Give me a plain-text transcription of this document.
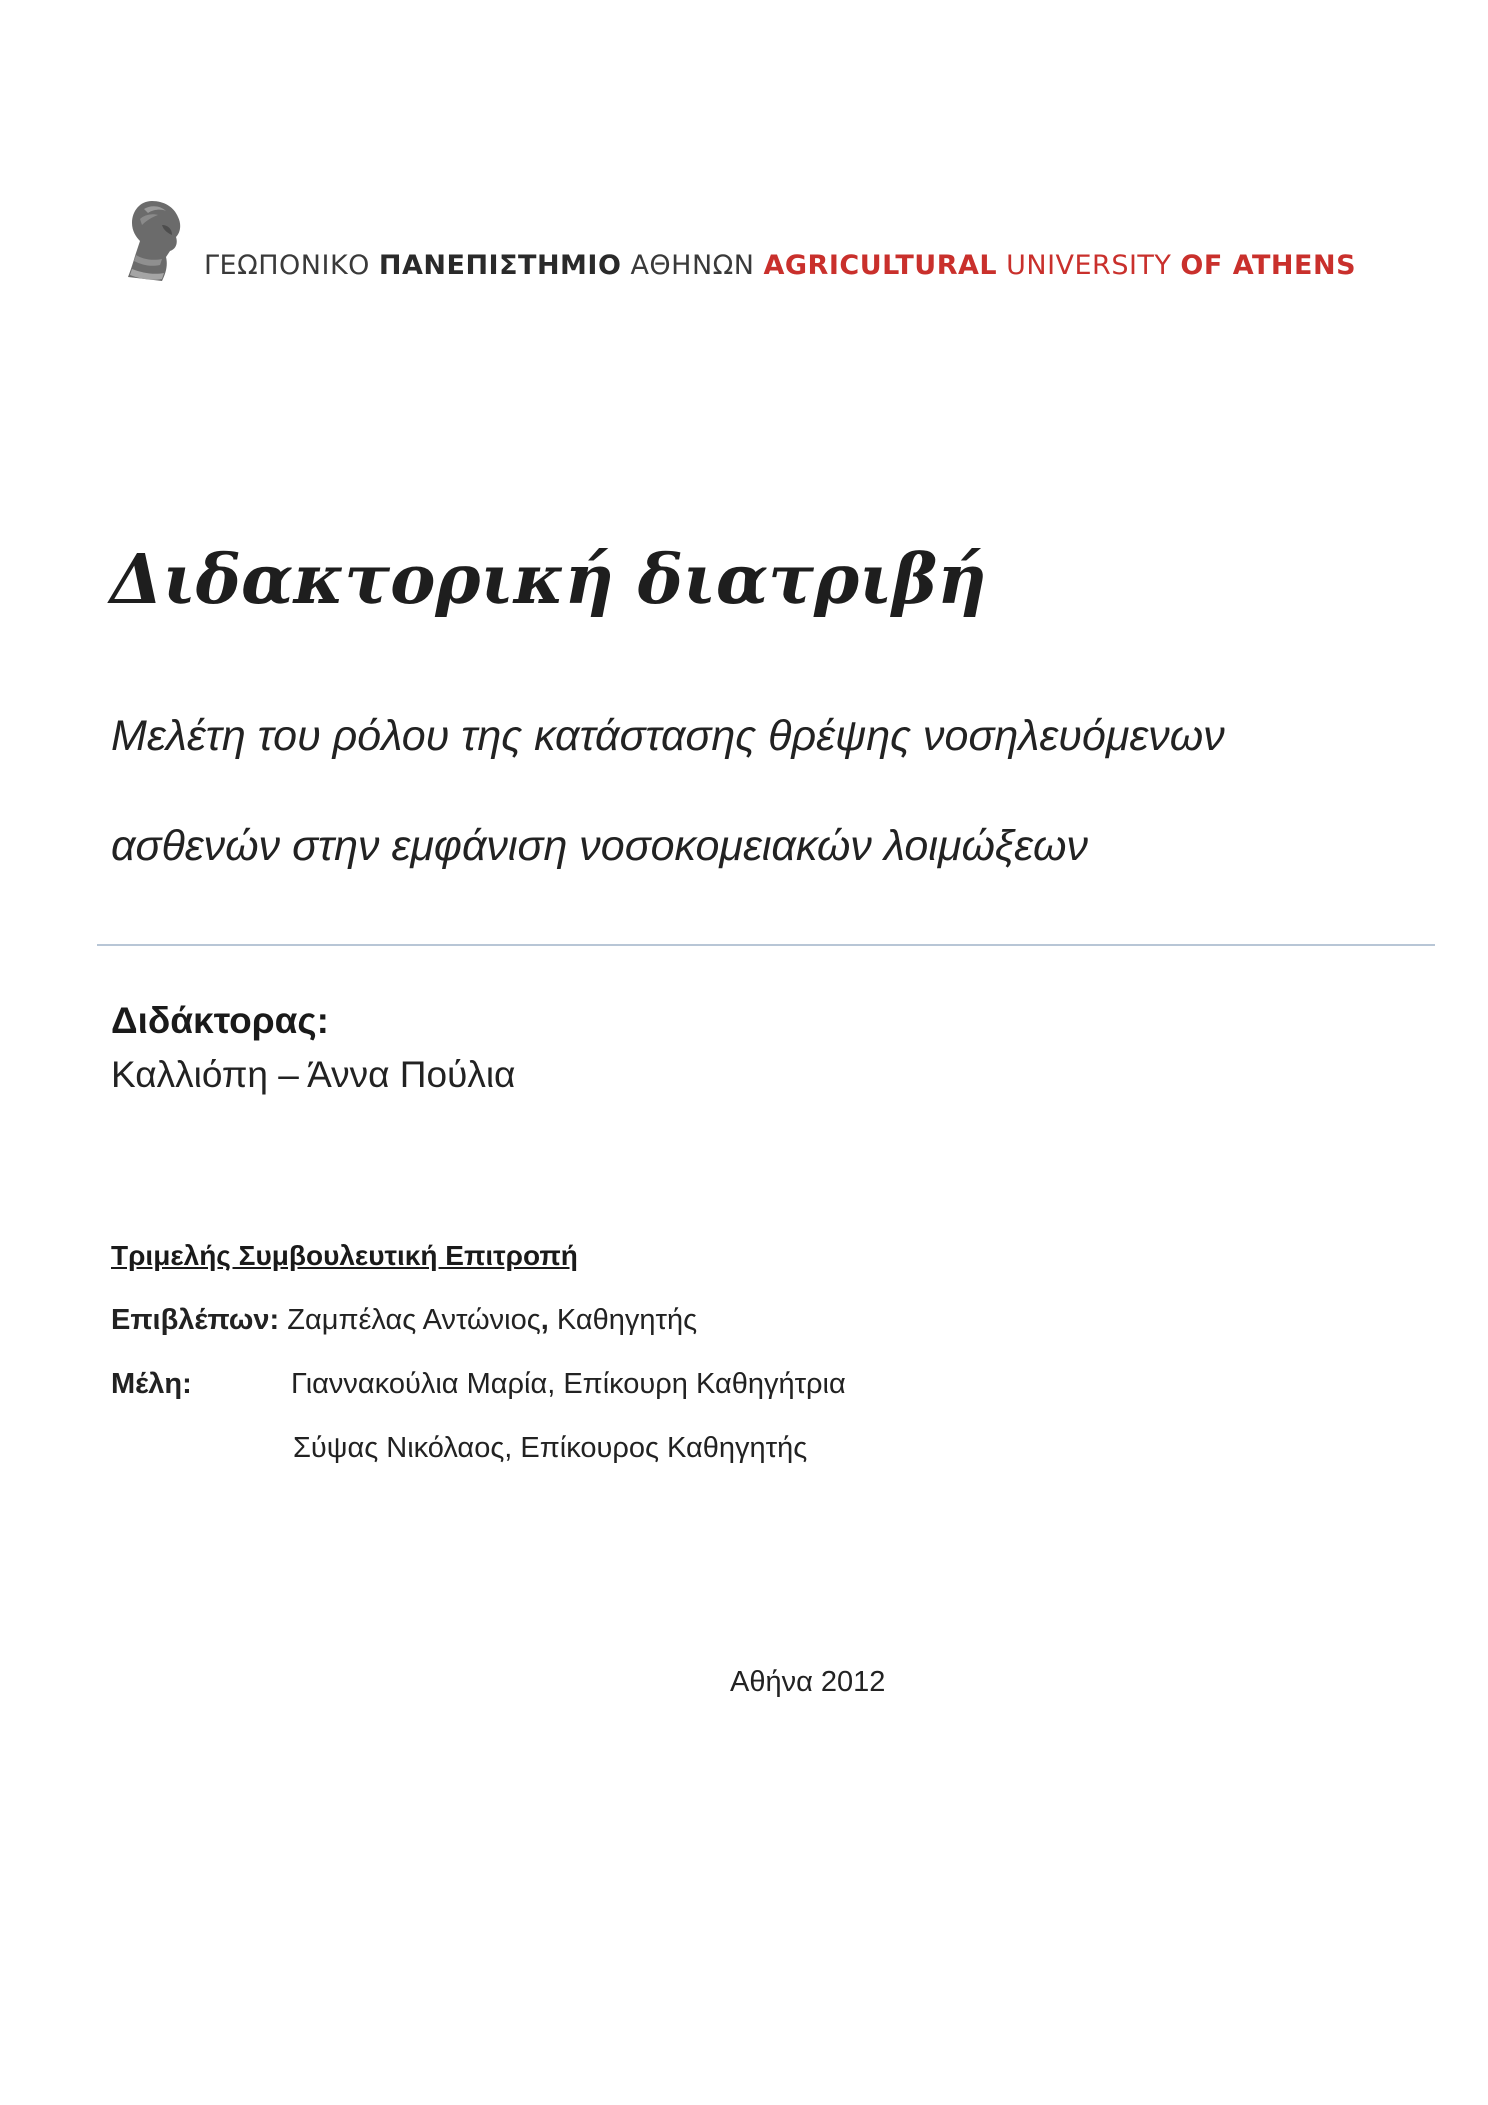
ΓΕΩΠΟΝΙΚΟ ΠΑΝΕΠΙΣΤΗΜΙΟ ΑΘΗΝΩΝ AGRICULTURAL UNIVERSITY OF ATHENS
Διδακτορική διατριβή
Μελέτη του ρόλου της κατάστασης θρέψης νοσηλευόμενων
ασθενών στην εμφάνιση νοσοκομειακών λοιμώξεων
Διδάκτορας:
Καλλιόπη – Άννα Πούλια
Τριμελής Συμβουλευτική Επιτροπή
Επιβλέπων: Ζαμπέλας Αντώνιος, Καθηγητής
Μέλη:	Γιαννακούλια Μαρία, Επίκουρη Καθηγήτρια
Σύψας Νικόλαος, Επίκουρος Καθηγητής
Αθήνα 2012
